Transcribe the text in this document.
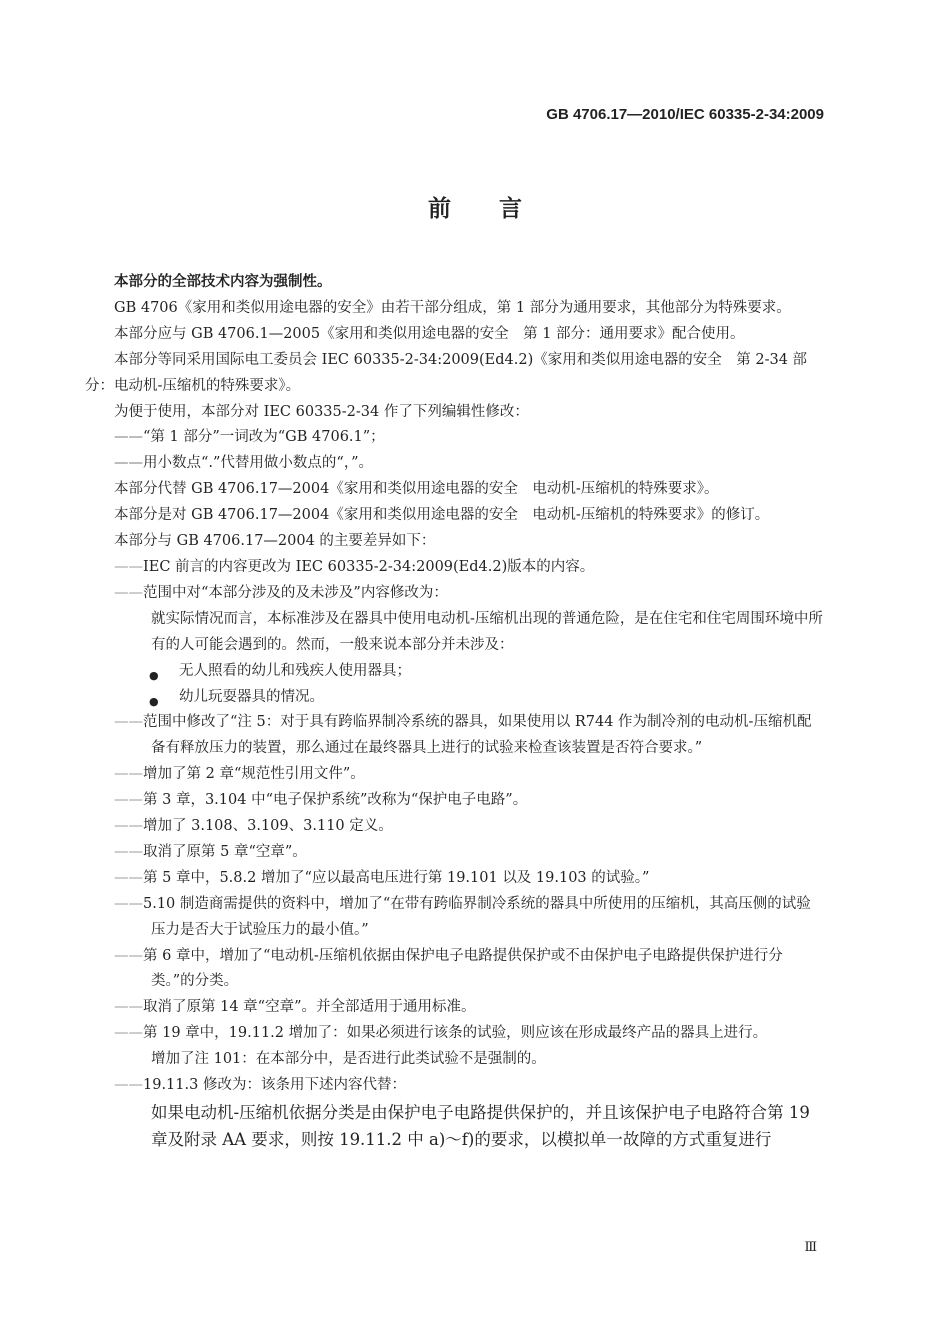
GB 4706.17—2010/IEC 60335-2-34:2009
前言

本部分的全部技术内容为强制性。

GB 4706《家用和类似用途电器的安全》由若干部分组成，第 1 部分为通用要求，其他部分为特殊要求。

本部分应与 GB 4706.1—2005《家用和类似用途电器的安全　第 1 部分：通用要求》配合使用。

本部分等同采用国际电工委员会 IEC 60335-2-34:2009(Ed4.2)《家用和类似用途电器的安全　第 2-34 部分：电动机-压缩机的特殊要求》。

为便于使用，本部分对 IEC 60335-2-34 作了下列编辑性修改：

——“第 1 部分”一词改为“GB 4706.1”；

——用小数点“.”代替用做小数点的“，”。

本部分代替 GB 4706.17—2004《家用和类似用途电器的安全　电动机-压缩机的特殊要求》。

本部分是对 GB 4706.17—2004《家用和类似用途电器的安全　电动机-压缩机的特殊要求》的修订。

本部分与 GB 4706.17—2004 的主要差异如下：

——IEC 前言的内容更改为 IEC 60335-2-34:2009(Ed4.2)版本的内容。

——范围中对“本部分涉及的及未涉及”内容修改为：

就实际情况而言，本标准涉及在器具中使用电动机-压缩机出现的普通危险，是在住宅和住宅周围环境中所有的人可能会遇到的。然而，一般来说本部分并未涉及：

无人照看的幼儿和残疾人使用器具；

幼儿玩耍器具的情况。

——范围中修改了“注 5：对于具有跨临界制冷系统的器具，如果使用以 R744 作为制冷剂的电动机-压缩机配备有释放压力的装置，那么通过在最终器具上进行的试验来检查该装置是否符合要求。”

——增加了第 2 章“规范性引用文件”。

——第 3 章，3.104 中“电子保护系统”改称为“保护电子电路”。

——增加了 3.108、3.109、3.110 定义。

——取消了原第 5 章“空章”。

——第 5 章中，5.8.2 增加了“应以最高电压进行第 19.101 以及 19.103 的试验。”

——5.10 制造商需提供的资料中，增加了“在带有跨临界制冷系统的器具中所使用的压缩机，其高压侧的试验压力是否大于试验压力的最小值。”

——第 6 章中，增加了“电动机-压缩机依据由保护电子电路提供保护或不由保护电子电路提供保护进行分类。”的分类。

——取消了原第 14 章“空章”。并全部适用于通用标准。

——第 19 章中，19.11.2 增加了：如果必须进行该条的试验，则应该在形成最终产品的器具上进行。

增加了注 101：在本部分中，是否进行此类试验不是强制的。

——19.11.3 修改为：该条用下述内容代替：

如果电动机-压缩机依据分类是由保护电子电路提供保护的，并且该保护电子电路符合第 19 章及附录 AA 要求，则按 19.11.2 中 a)～f)的要求，以模拟单一故障的方式重复进行

Ⅲ
